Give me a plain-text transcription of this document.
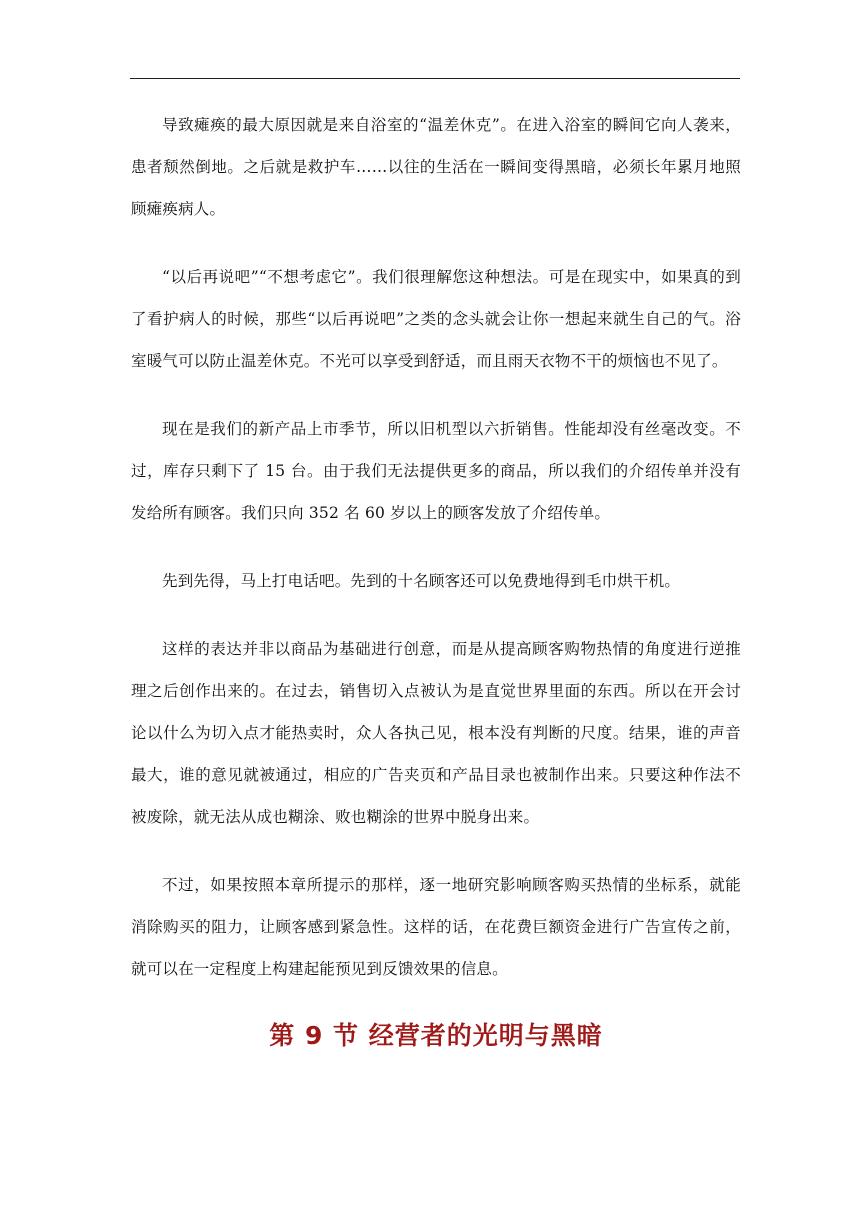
导致瘫痪的最大原因就是来自浴室的“温差休克”。在进入浴室的瞬间它向人袭来，患者颓然倒地。之后就是救护车……以往的生活在一瞬间变得黑暗，必须长年累月地照顾瘫痪病人。

“以后再说吧”“不想考虑它”。我们很理解您这种想法。可是在现实中，如果真的到了看护病人的时候，那些“以后再说吧”之类的念头就会让你一想起来就生自己的气。浴室暖气可以防止温差休克。不光可以享受到舒适，而且雨天衣物不干的烦恼也不见了。

现在是我们的新产品上市季节，所以旧机型以六折销售。性能却没有丝毫改变。不过，库存只剩下了 15 台。由于我们无法提供更多的商品，所以我们的介绍传单并没有发给所有顾客。我们只向 352 名 60 岁以上的顾客发放了介绍传单。

先到先得，马上打电话吧。先到的十名顾客还可以免费地得到毛巾烘干机。

这样的表达并非以商品为基础进行创意，而是从提高顾客购物热情的角度进行逆推理之后创作出来的。在过去，销售切入点被认为是直觉世界里面的东西。所以在开会讨论以什么为切入点才能热卖时，众人各执己见，根本没有判断的尺度。结果，谁的声音最大，谁的意见就被通过，相应的广告夹页和产品目录也被制作出来。只要这种作法不被废除，就无法从成也糊涂、败也糊涂的世界中脱身出来。

不过，如果按照本章所提示的那样，逐一地研究影响顾客购买热情的坐标系，就能消除购买的阻力，让顾客感到紧急性。这样的话，在花费巨额资金进行广告宣传之前，就可以在一定程度上构建起能预见到反馈效果的信息。

第 9 节 经营者的光明与黑暗
